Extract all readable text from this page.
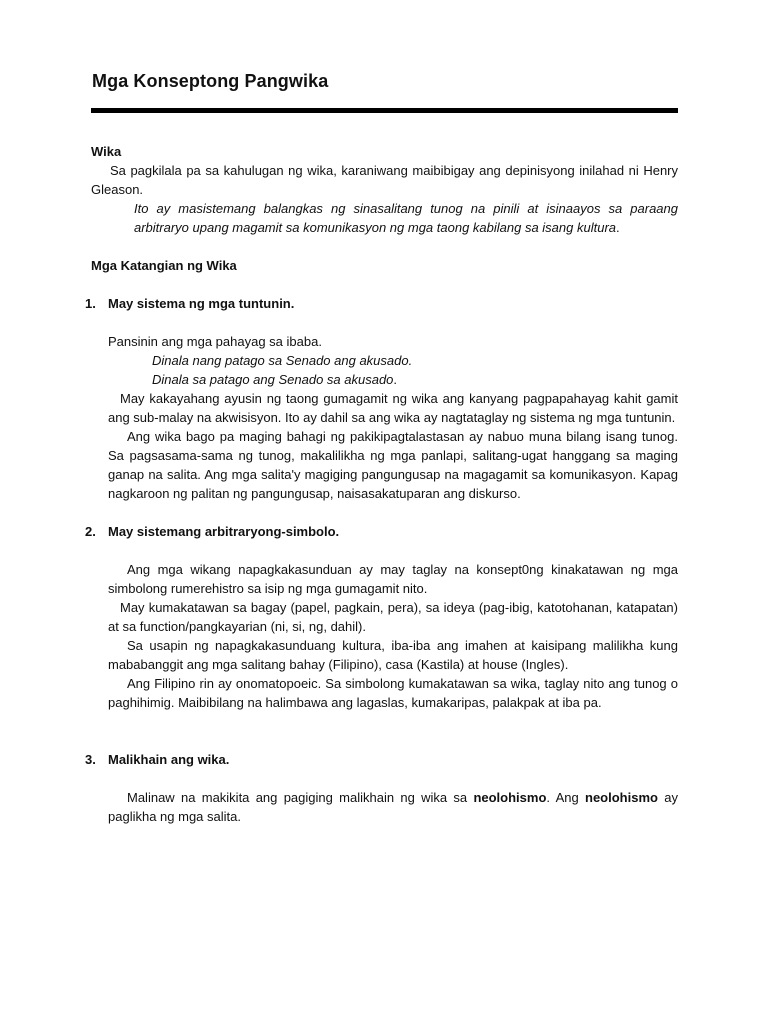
Mga Konseptong Pangwika

Wika

Sa pagkilala pa sa kahulugan ng wika, karaniwang maibibigay ang depinisyong inilahad ni Henry Gleason.

Ito ay masistemang balangkas ng sinasalitang tunog na pinili at isinaayos sa paraang arbitraryo upang magamit sa komunikasyon ng mga taong kabilang sa isang kultura.

Mga Katangian ng Wika

1. May sistema ng mga tuntunin.

Pansinin ang mga pahayag sa ibaba.

Dinala nang patago sa Senado ang akusado.

Dinala sa patago ang Senado sa akusado.

May kakayahang ayusin ng taong gumagamit ng wika ang kanyang pagpapahayag kahit gamit ang sub-malay na akwisisyon. Ito ay dahil sa ang wika ay nagtataglay ng sistema ng mga tuntunin.

Ang wika bago pa maging bahagi ng pakikipagtalastasan ay nabuo muna bilang isang tunog. Sa pagsasama-sama ng tunog, makalilikha ng mga panlapi, salitang-ugat hanggang sa maging ganap na salita. Ang mga salita'y magiging pangungusap na magagamit sa komunikasyon. Kapag nagkaroon ng palitan ng pangungusap, naisasakatuparan ang diskurso.

2. May sistemang arbitraryong-simbolo.

Ang mga wikang napagkakasunduan ay may taglay na konsept0ng kinakatawan ng mga simbolong rumerehistro sa isip ng mga gumagamit nito.

May kumakatawan sa bagay (papel, pagkain, pera), sa ideya (pag-ibig, katotohanan, katapatan) at sa function/pangkayarian (ni, si, ng, dahil).

Sa usapin ng napagkakasunduang kultura, iba-iba ang imahen at kaisipang malilikha kung mababanggit ang mga salitang bahay (Filipino), casa (Kastila) at house (Ingles).

Ang Filipino rin ay onomatopoeic. Sa simbolong kumakatawan sa wika, taglay nito ang tunog o paghihimig. Maibibilang na halimbawa ang lagaslas, kumakaripas, palakpak at iba pa.

3. Malikhain ang wika.

Malinaw na makikita ang pagiging malikhain ng wika sa neolohismo. Ang neolohismo ay paglikha ng mga salita.
